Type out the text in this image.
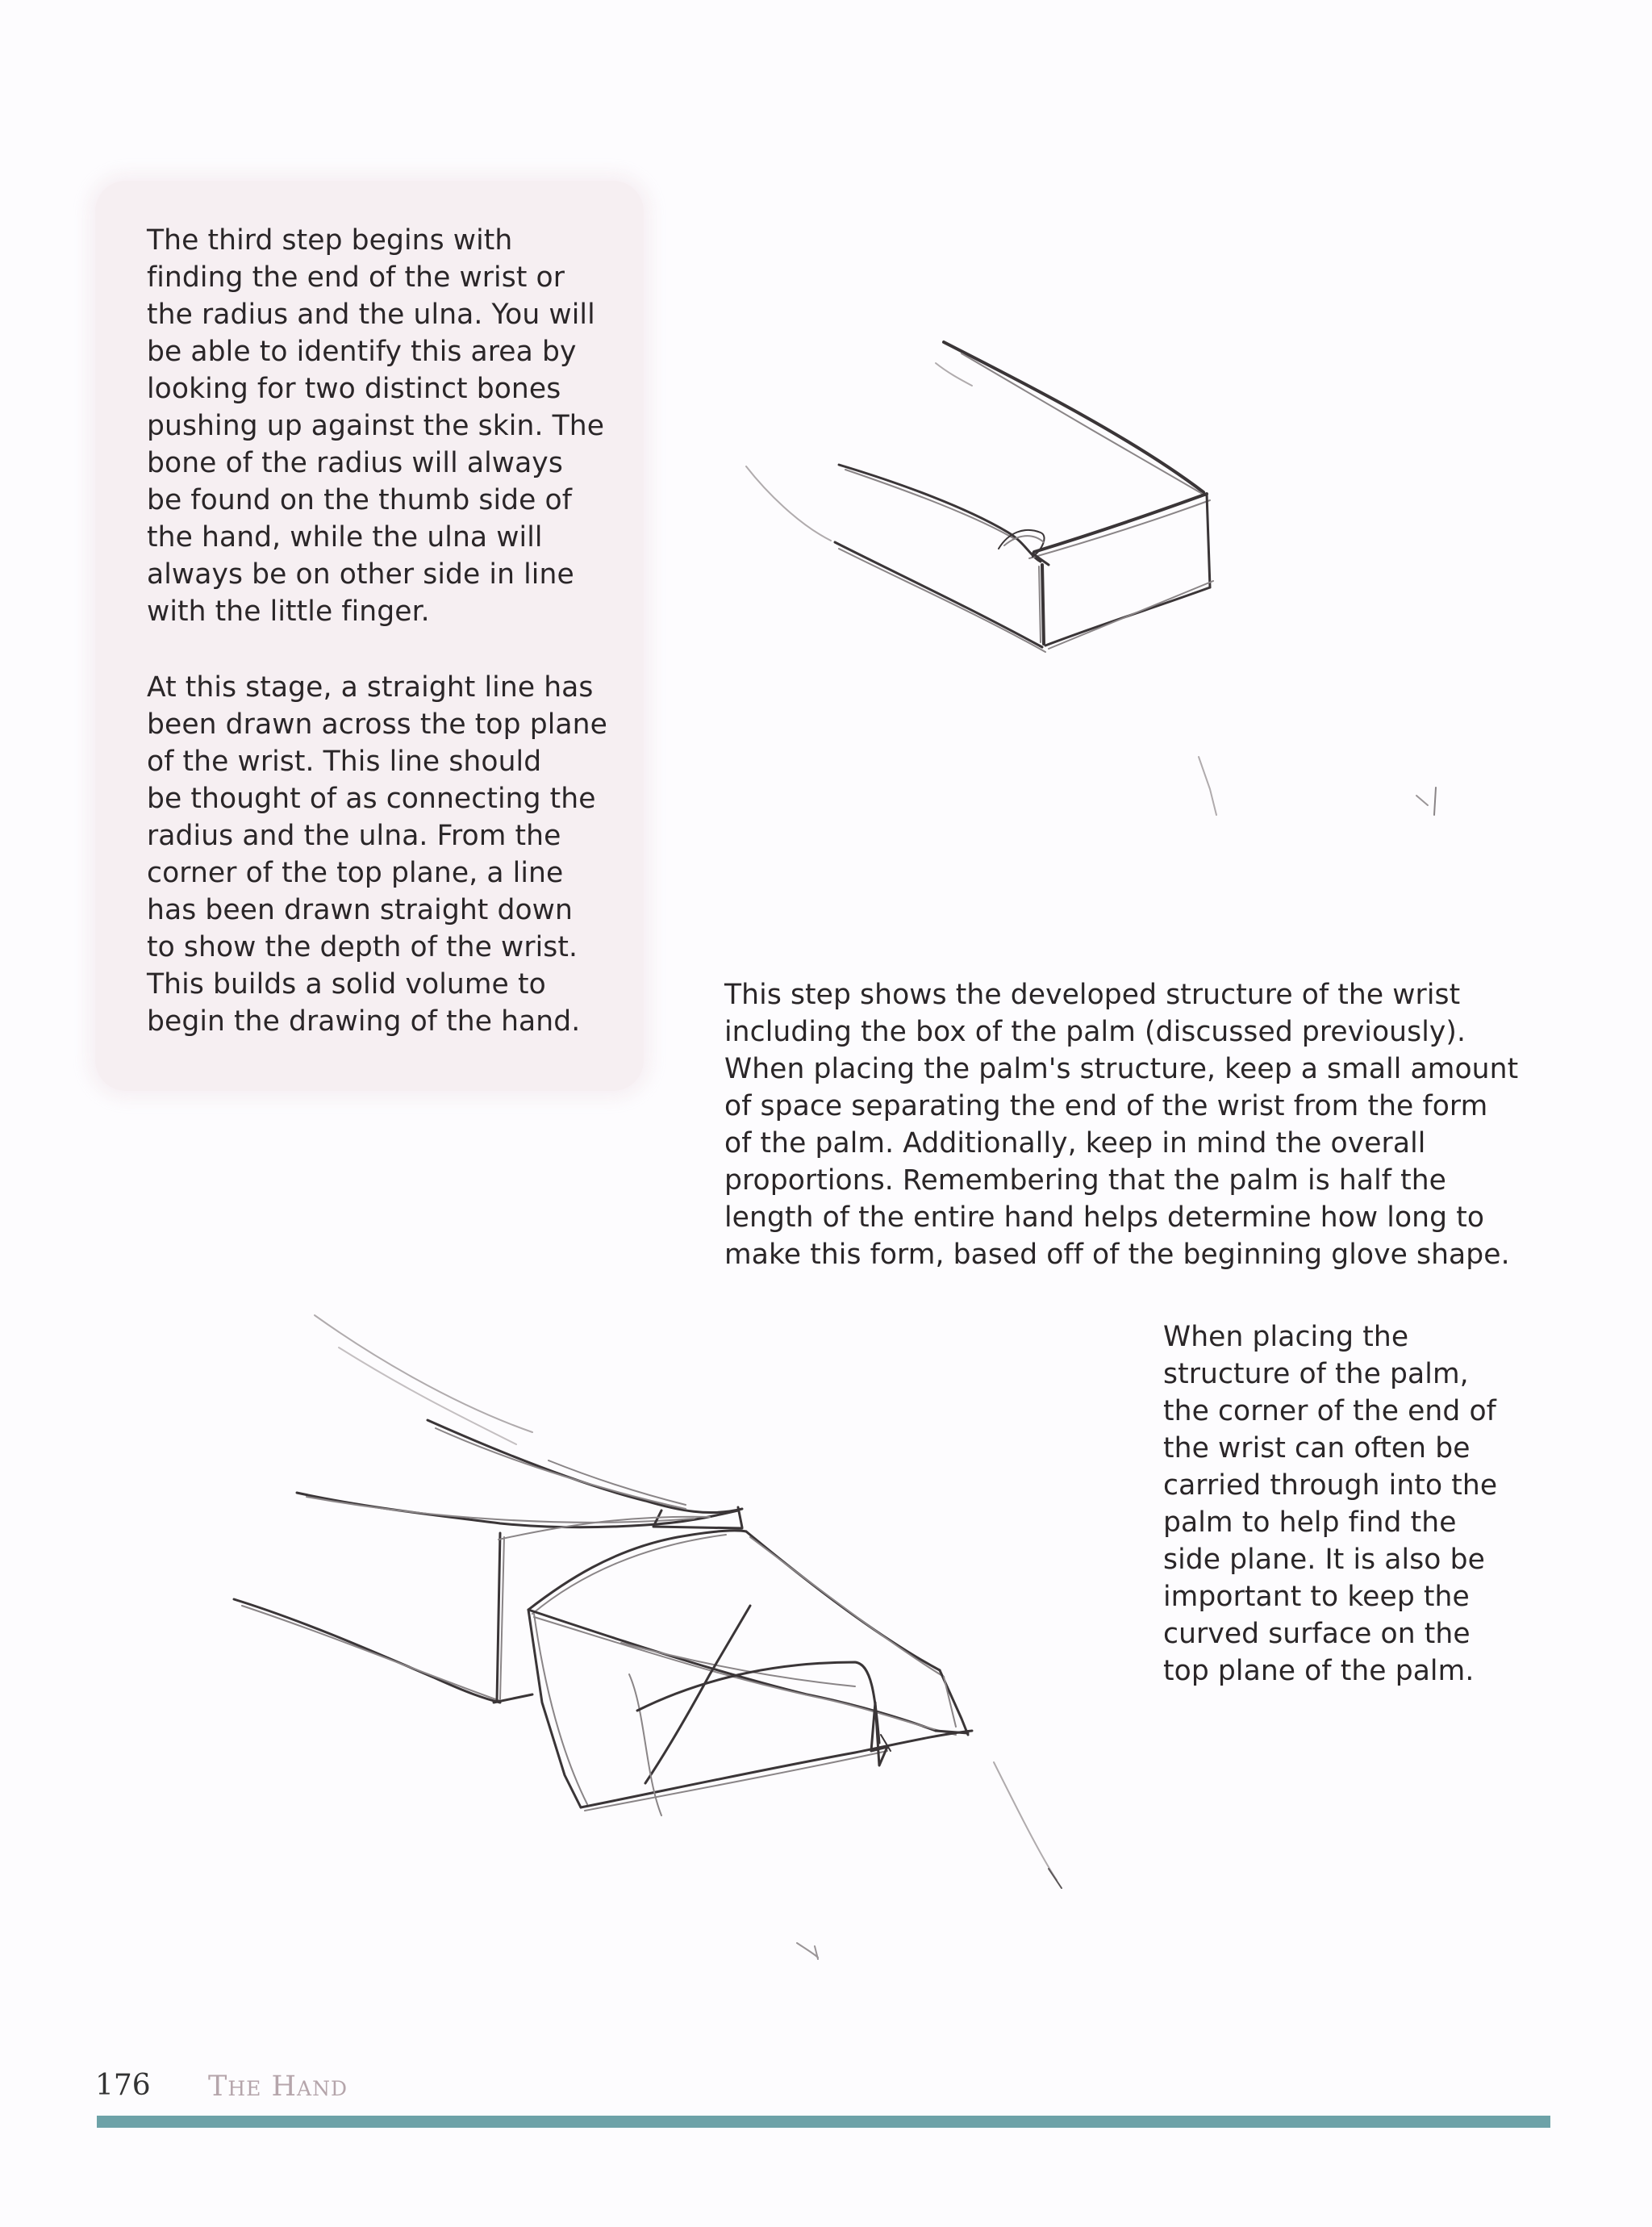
The third step begins with
finding the end of the wrist or
the radius and the ulna. You will
be able to identify this area by
looking for two distinct bones
pushing up against the skin. The
bone of the radius will always
be found on the thumb side of
the hand, while the ulna will
always be on other side in line
with the little finger.

At this stage, a straight line has
been drawn across the top plane
of the wrist. This line should
be thought of as connecting the
radius and the ulna. From the
corner of the top plane, a line
has been drawn straight down
to show the depth of the wrist.
This builds a solid volume to
begin the drawing of the hand.

This step shows the developed structure of the wrist
including the box of the palm (discussed previously).
When placing the palm's structure, keep a small amount
of space separating the end of the wrist from the form
of the palm. Additionally, keep in mind the overall
proportions. Remembering that the palm is half the
length of the entire hand helps determine how long to
make this form, based off of the beginning glove shape.

When placing the
structure of the palm,
the corner of the end of
the wrist can often be
carried through into the
palm to help find the
side plane. It is also be
important to keep the
curved surface on the
top plane of the palm.

176 The Hand
